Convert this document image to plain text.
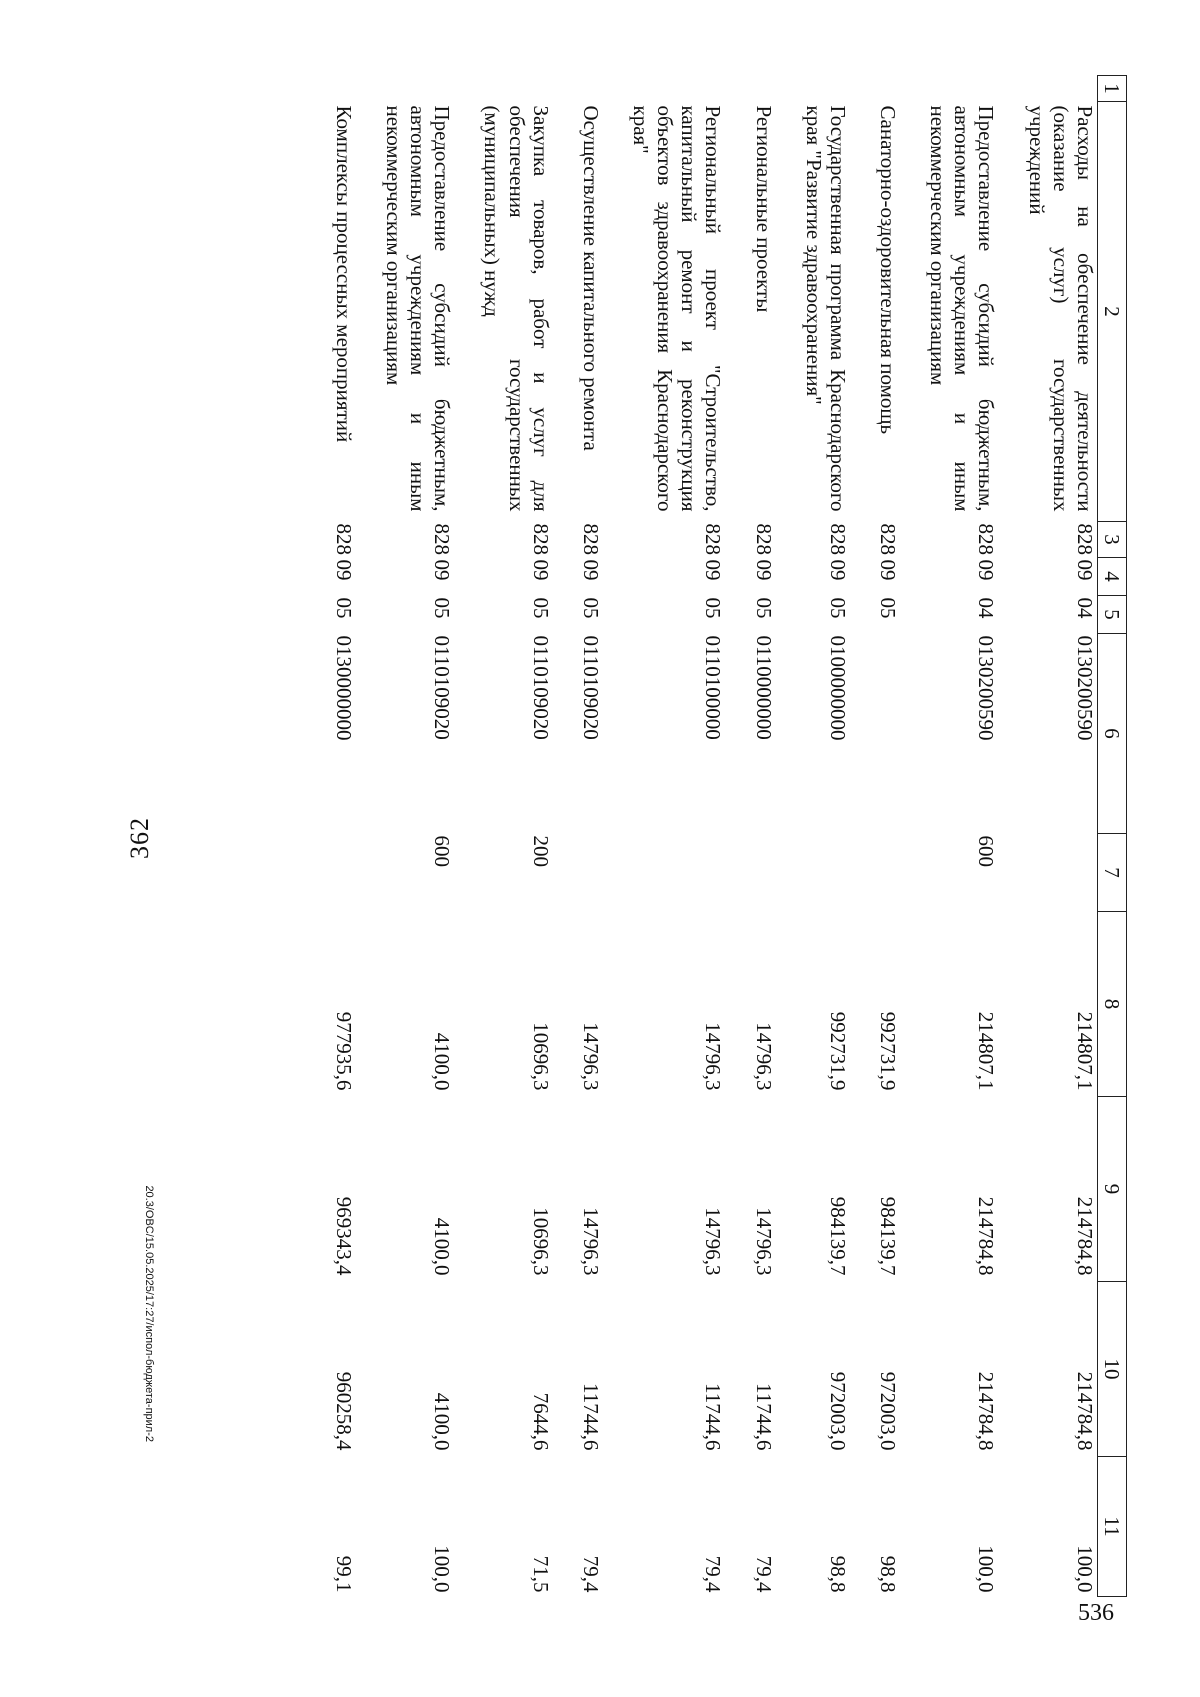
362
1	2	3	4	5	6	7	8	9	10	11
	Расходы на обеспечение деятельности (оказание услуг) государственных учреждений	828	09	04	0130200590		214807,1	214784,8	214784,8	100,0
	Предоставление субсидий бюджетным, автономным учреждениям и иным некоммерческим организациям	828	09	04	0130200590	600	214807,1	214784,8	214784,8	100,0
	Санаторно-оздоровительная помощь	828	09	05			992731,9	984139,7	972003,0	98,8
	Государственная программа Краснодарского края "Развитие здравоохранения"	828	09	05	0100000000		992731,9	984139,7	972003,0	98,8
	Региональные проекты	828	09	05	0110000000		14796,3	14796,3	11744,6	79,4
	Региональный проект "Строительство, капитальный ремонт и реконструкция объектов здравоохранения Краснодарского края"	828	09	05	0110100000		14796,3	14796,3	11744,6	79,4
	Осуществление капитального ремонта	828	09	05	0110109020		14796,3	14796,3	11744,6	79,4
	Закупка товаров, работ и услуг для обеспечения государственных (муниципальных) нужд	828	09	05	0110109020	200	10696,3	10696,3	7644,6	71,5
	Предоставление субсидий бюджетным, автономным учреждениям и иным некоммерческим организациям	828	09	05	0110109020	600	4100,0	4100,0	4100,0	100,0
	Комплексы процессных мероприятий	828	09	05	0130000000		977935,6	969343,4	960258,4	99,1
20.3/OBC/15.05.2025/17:27/испол-бюджета-прил-2
536
